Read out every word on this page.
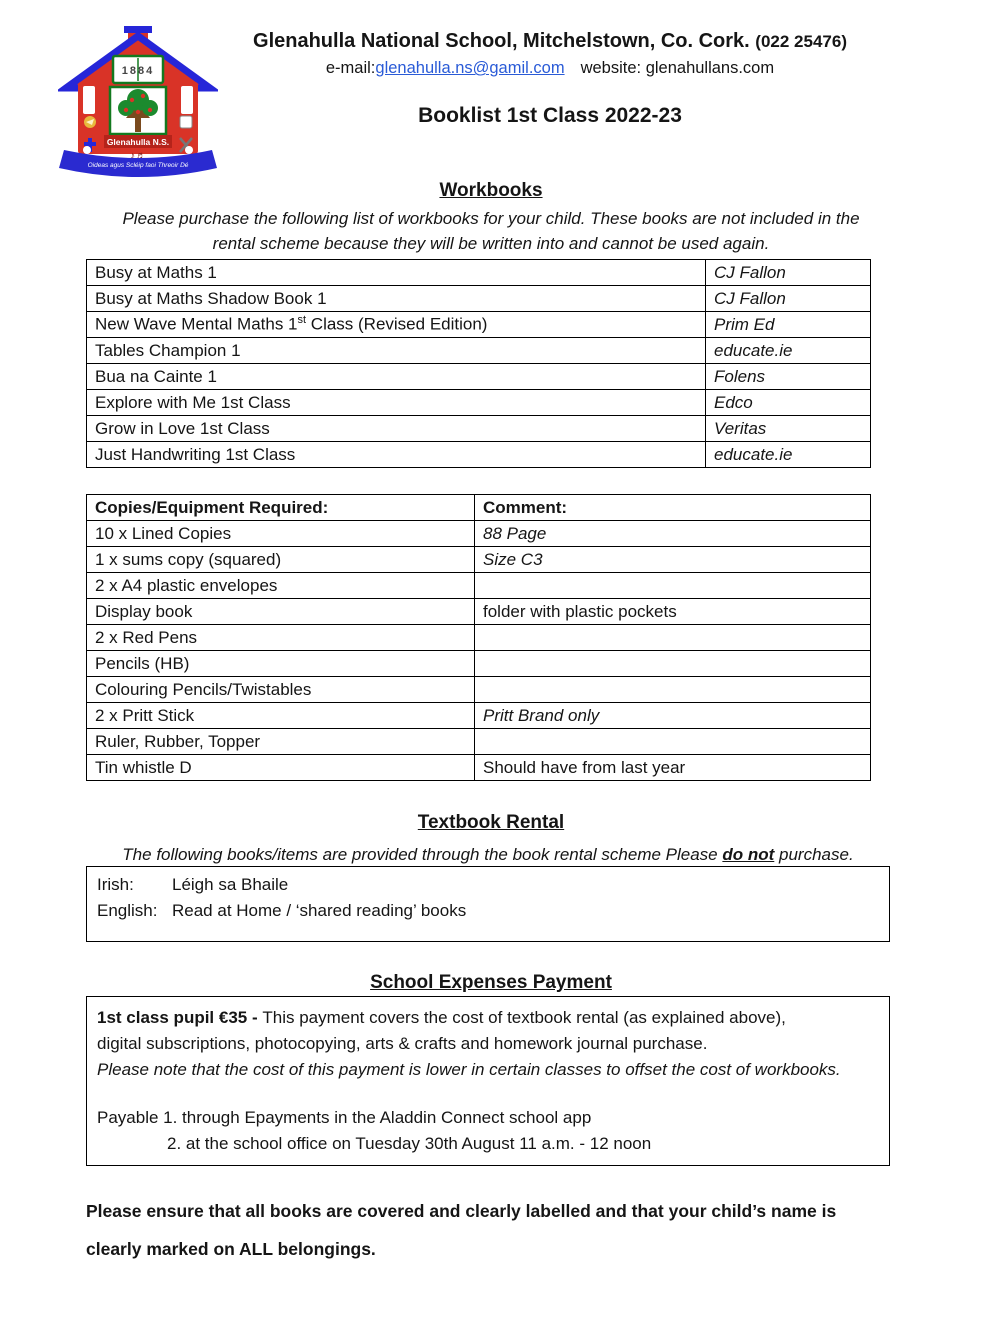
1884
Glenahulla N.S.
♪♬
Oideas agus Scléip faoi Threoir Dé
Glenahulla National School, Mitchelstown, Co. Cork. (022 25476)
e-mail:glenahulla.ns@gamil.com website: glenahullans.com
Booklist 1st Class 2022-23
Workbooks
Please purchase the following list of workbooks for your child. These books are not included in the rental scheme because they will be written into and cannot be used again.
Busy at Maths 1	CJ Fallon
Busy at Maths Shadow Book 1	CJ Fallon
New Wave Mental Maths 1st Class (Revised Edition)	Prim Ed
Tables Champion 1	educate.ie
Bua na Cainte 1	Folens
Explore with Me 1st Class	Edco
Grow in Love 1st Class	Veritas
Just Handwriting 1st Class	educate.ie
Copies/Equipment Required:	Comment:
10 x Lined Copies	88 Page
1 x sums copy (squared)	Size C3
2 x A4 plastic envelopes	
Display book	folder with plastic pockets
2 x Red Pens	
Pencils (HB)	
Colouring Pencils/Twistables	
2 x Pritt Stick	Pritt Brand only
Ruler, Rubber, Topper	
Tin whistle D	Should have from last year
Textbook Rental
The following books/items are provided through the book rental scheme Please do not purchase.
Irish: Léigh sa Bhaile
English: Read at Home / ‘shared reading’ books
School Expenses Payment
1st class pupil €35 - This payment covers the cost of textbook rental (as explained above), digital subscriptions, photocopying, arts & crafts and homework journal purchase.
Please note that the cost of this payment is lower in certain classes to offset the cost of workbooks.
Payable 1. through Epayments in the Aladdin Connect school app
2. at the school office on Tuesday 30th August 11 a.m. - 12 noon
Please ensure that all books are covered and clearly labelled and that your child’s name is clearly marked on ALL belongings.
